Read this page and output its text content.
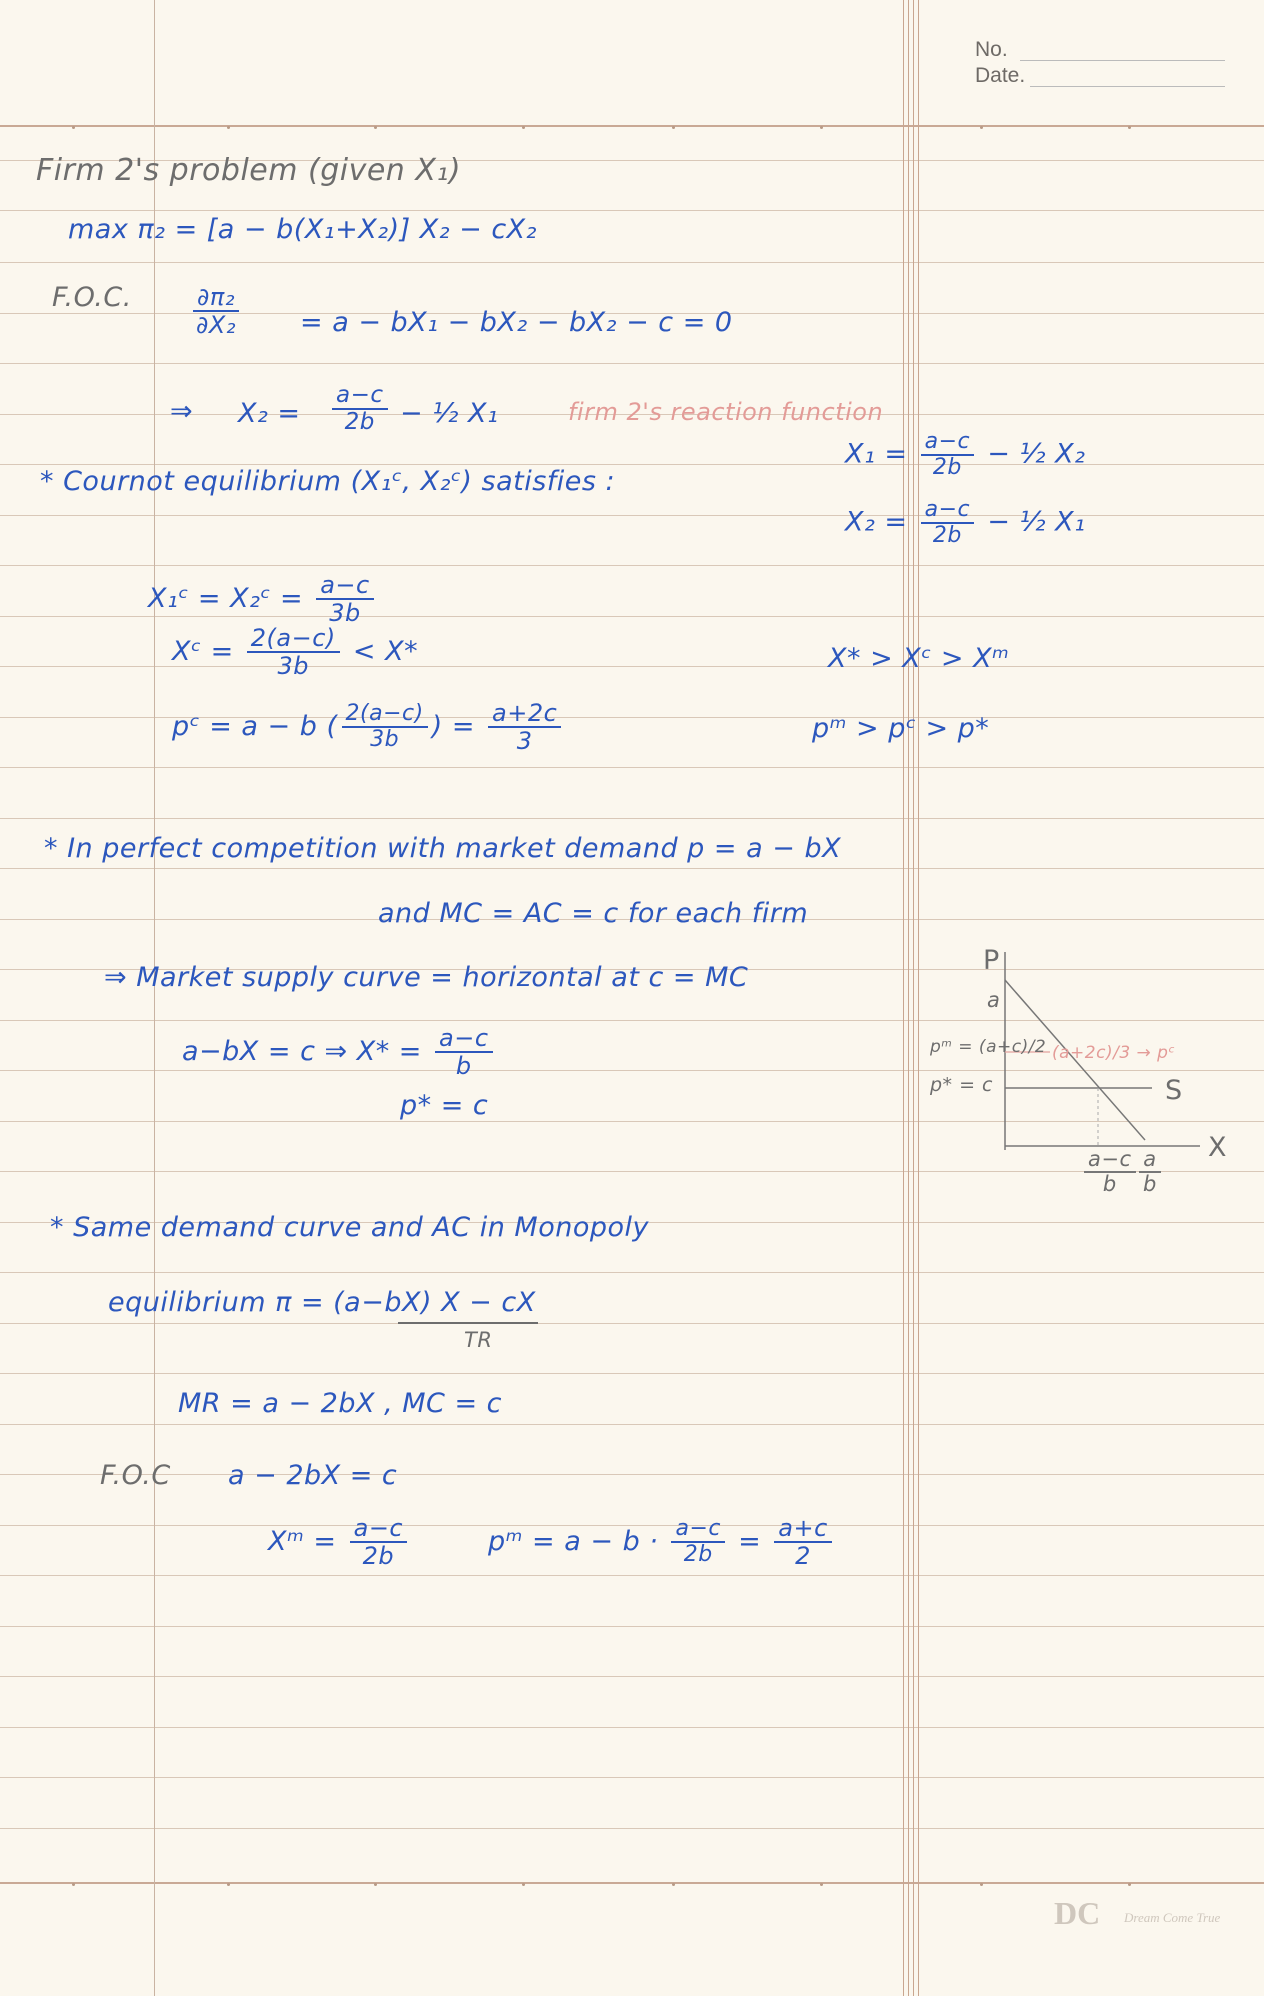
No.
Date.
Firm 2's problem (given X₁)
max π₂ = [a − b(X₁+X₂)] X₂ − cX₂
F.O.C.	$\frac{\text{∂π₂}}{\text{∂X₂}} = a - bX_1 - bX_2 - bX_2 - c = 0$
⇒ $X_2 = \frac{a-c}{2b}$ − ½ X₁	firm 2's reaction function
$X_1 = \frac{a-c}{2b}$ − ½ X₂
$X_2 = \frac{a-c}{2b}$ − ½ X₁
* Cournot equilibrium (X₁ᶜ, X₂ᶜ) satisfies :
X₁ᶜ = X₂ᶜ = $\frac{a-c}{3b}$
Xᶜ = $\frac{2(a-c)}{3b} < X*$
pᶜ = a − b ( $\frac{2(a-c)}{3b}$ ) = $\frac{a+2c}{3}$
X* > Xᶜ > Xᵐ
pᵐ > pᶜ > p*
* In perfect competition with market demand p = a − bX
and MC = AC = c for each firm
⇒ Market supply curve = horizontal at c = MC
a−bX = c ⇒ $X* = \frac{a-c}{b}$
p* = c
P
a
pᵐ = (a+c)/2 (a+2c)/3 → pᶜ
p* = c	S
X
$\frac{a-c}{b} \frac{a}{b}$
* Same demand curve and AC in Monopoly
equilibrium π = (a−bX) X − cX
TR
MR = a − 2bX , MC = c
F.O.C a − 2bX = c
Xᵐ = $\frac{a-c}{2b}$	pᵐ = $a - b \cdot \frac{a-c}{2b} = \frac{a+c}{2}$
DC Dream Come True
